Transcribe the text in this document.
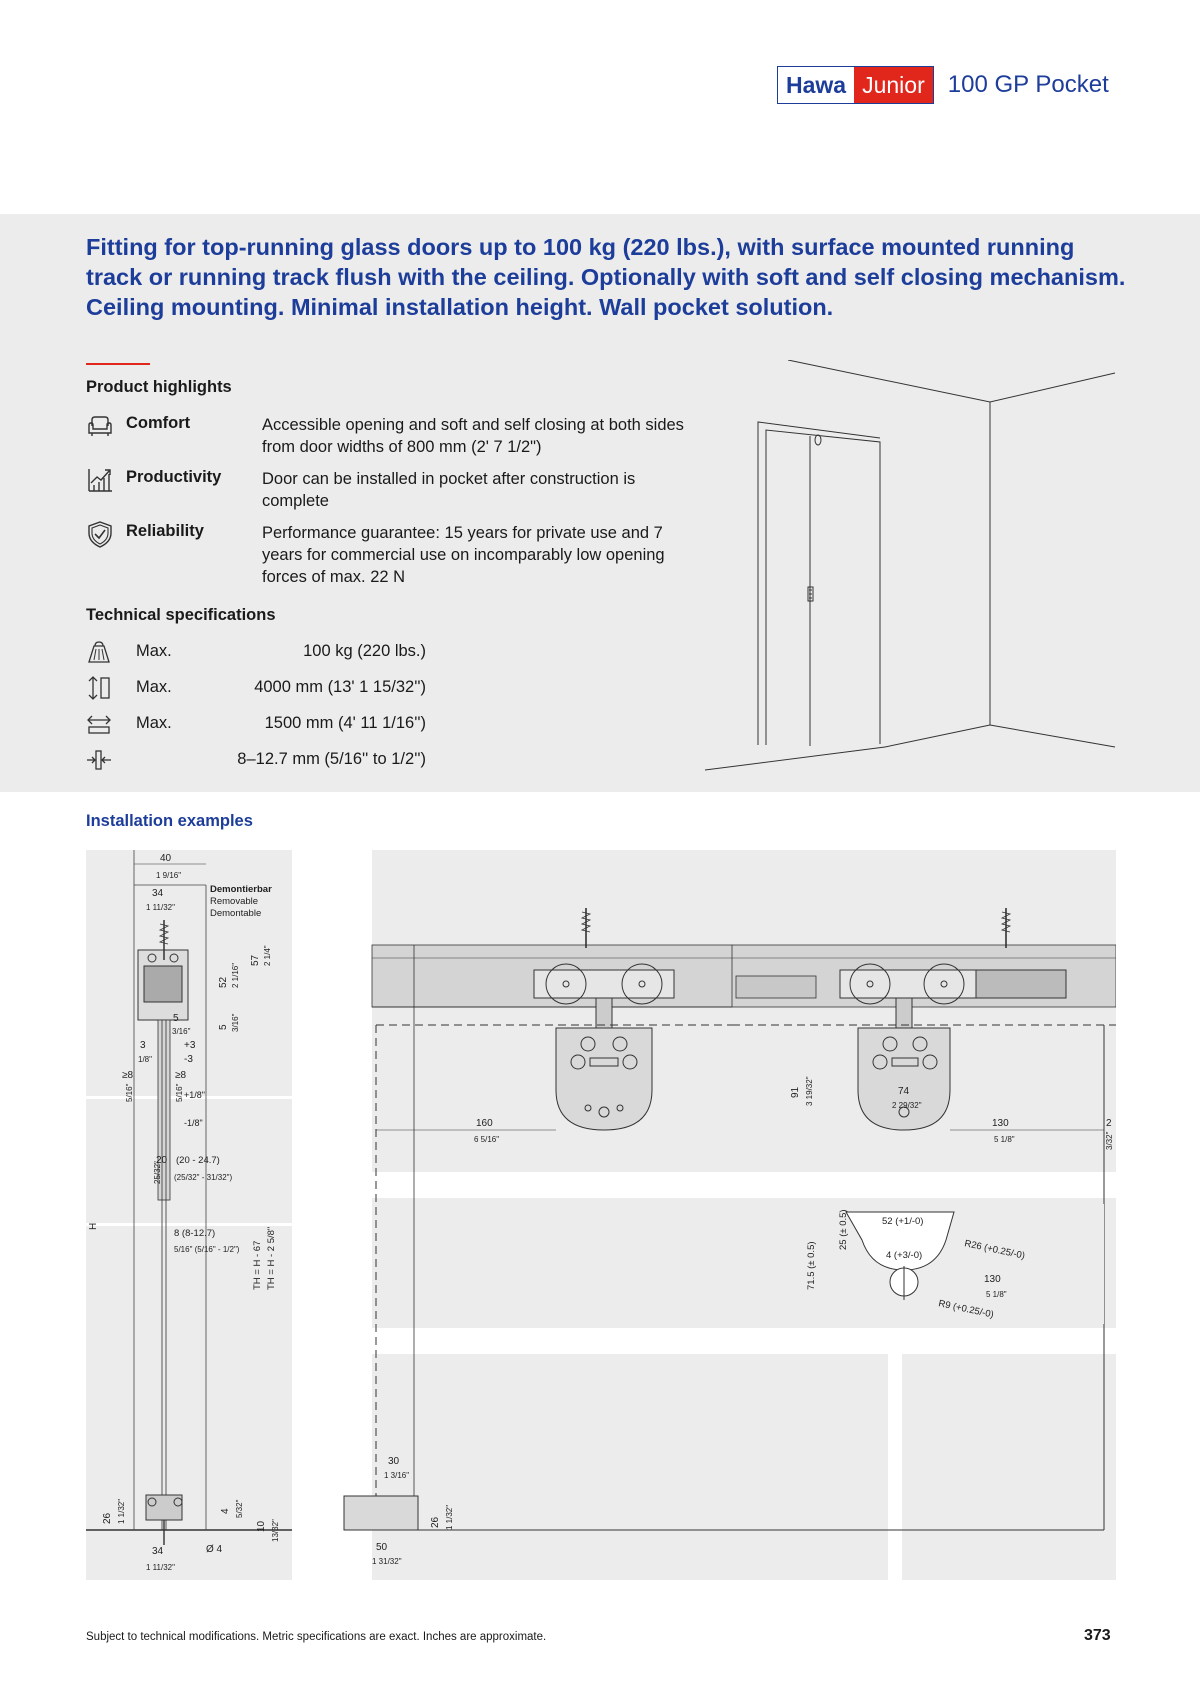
Hawa Junior 100 GP Pocket

Fitting for top-running glass doors up to 100 kg (220 lbs.), with surface mounted running track or running track flush with the ceiling. Optionally with soft and self closing mechanism. Ceiling mounting. Minimal installation height. Wall pocket solution.

Product highlights
Comfort	Accessible opening and soft and self closing at both sides from door widths of 800 mm (2' 7 1/2")
Productivity Door can be installed in pocket after construction is complete
Reliability	Performance guarantee: 15 years for private use and 7 years for commercial use on incomparably low opening forces of max. 22 N
Technical specifications
Max.	100 kg (220 lbs.)
Max.	4000 mm (13' 1 15/32'')
Max.	1500 mm (4' 11 1/16'')
8–12.7 mm (5/16'' to 1/2'')
Installation examples
40
1 9/16"
34
1 11/32"
Demontierbar
Removable
Demontable
52 2 1/16"
57 2 1/4"
5 3/16"
5
3/16"
3
1/8"
+3
-3
≥8	≥8
5/16"	5/16" +1/8"
-1/8"
20 (20 - 24.7)
25/32" (25/32" - 31/32")
H
8 (8-12.7)
5/16" (5/16" - 1/2") TH = H - 67 TH = H - 2 5/8"
26 1 1/32"	4 5/32"
10 13/32"
34
1 11/32"
Ø 4
160
6 5/16"
30
1 3/16"
50
1 31/32"
26 1 1/32"
91 3 19/32"	74
2 29/32"
130
5 1/8"
2
3/32"
71.5 (± 0.5)
25 (± 0.5)	52 (+1/-0)
4 (+3/-0)	R26 (+0.25/-0)
130
5 1/8"
R9 (+0.25/-0)
Subject to technical modifications. Metric specifications are exact. Inches are approximate.	373
